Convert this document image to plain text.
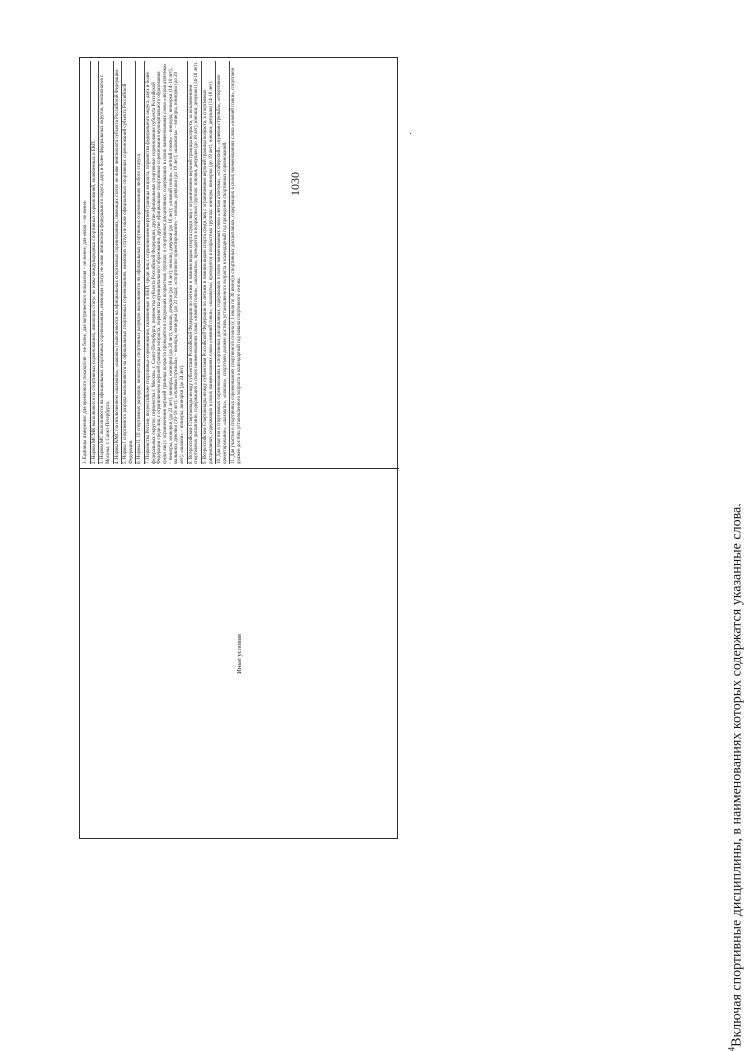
1030
Иные условия

1. Единицы измерения: для временного показателя – не более, для метрического показателя – не менее, для очков – не менее. 2. Нормы МСМК выполняются на спортивных соревнованиях, имеющих статус не ниже международных спортивных соревнований, включенных в ЕКП. 3. Нормы МС выполняются на официальных спортивных соревнованиях, имеющих статус не ниже чемпионата федерального округа, двух и более федеральных округов, чемпионатов г. Москвы, г. Санкт-Петербурга. 4. Нормы КМС (за исключением «шахматы», «шашки») выполняются на официальных спортивных соревнованиях, имеющих статус не ниже чемпионата субъекта Российской Федерации. 5. Нормы I спортивного разряда выполняются на официальных спортивных соревнованиях, имеющих статус не ниже официальных спортивных соревнований субъекта Российской Федерации. 6. Нормы II, III спортивных разрядов, юношеских спортивных разрядов выполняются на официальных спортивных соревнованиях любого статуса. 7. Первенства России, всероссийские спортивные соревнования, включенные в ЕКП, среди лиц с ограничением верхней границы возраста, первенства федерального округа, двух и более федеральных округов, первенства г. Москвы, г. Санкт-Петербурга, первенства субъекта Российской Федерации, другие официальные спортивные соревнования субъекта Российской Федерации среди лиц с ограничением верхней границы возраста, первенства муниципального образования, другие официальные спортивные соревнования муниципального образования среди лиц с ограничением верхней границы возраста проводятся в следующих возрастных группах: в спортивных дисциплинах, содержащих в своих наименованиях слова «легкая атлетика» – юниоры, юниорки (до 23 лет), юниоры, юниорки (до 20 лет), юноши, девушки (до 18 лет), юноши, девушки (до 16 лет); «зимний гонки», «летний гонки» – юниоры, юниорки (14-18 лет), мальчики, девочки (10-18 лет); «пулевая стрельба» – юниоры, юниорки (до 21 года); «спортивное ориентирование» – юноши, девушки (до 19 лет); «шахматы» – юниоры, юниорки (до 20 лет); «шашки» – юниоры, юниорки (до 24 лет). 8. Всероссийские Спартакиады между субъектами Российской Федерации по летним и зимним видам спорта среди лиц с ограничением верхней границы возраста, за исключением спортивных дисциплин, содержащих в своих наименованиях слова «зимний гонки», «шахматы», проводятся в возрастных группах: юноши, девушки (до 18 лет), юноши, девушки (14-18 лет). 9. Всероссийские Спартакиады между субъектами Российской Федерации по летним и зимним видам спорта среди лиц с ограничением верхней границы возраста, в спортивных дисциплинах, содержащих в своих наименованиях слова «зимний гонки», «шахматы», проводятся в возрастных группах: юниоры, юниорки (до 19 лет), юноши, девушки (14-18 лет). 10. Для участия в спортивных соревнованиях в спортивных дисциплинах, содержащих в своих наименованиях слова «легкая атлетика», «стайерский», «пулевая стрельба», «спортивное ориентирование», «шахматы», «шашки», спортсмен должен достичь установленного возраста в календарный год проведения спортивных соревнований. 11. Для участия в спортивных соревнованиях спортивного сезона (с 1 июля по 30 июня) в спортивных дисциплинах, содержащих в своих наименованиях слова «зимний гонки», спортсмен должен достичь установленного возраста в календарный год начала спортивного сезона.

$^4$Включая спортивные дисциплины, в наименованиях которых содержатся указанные слова.
